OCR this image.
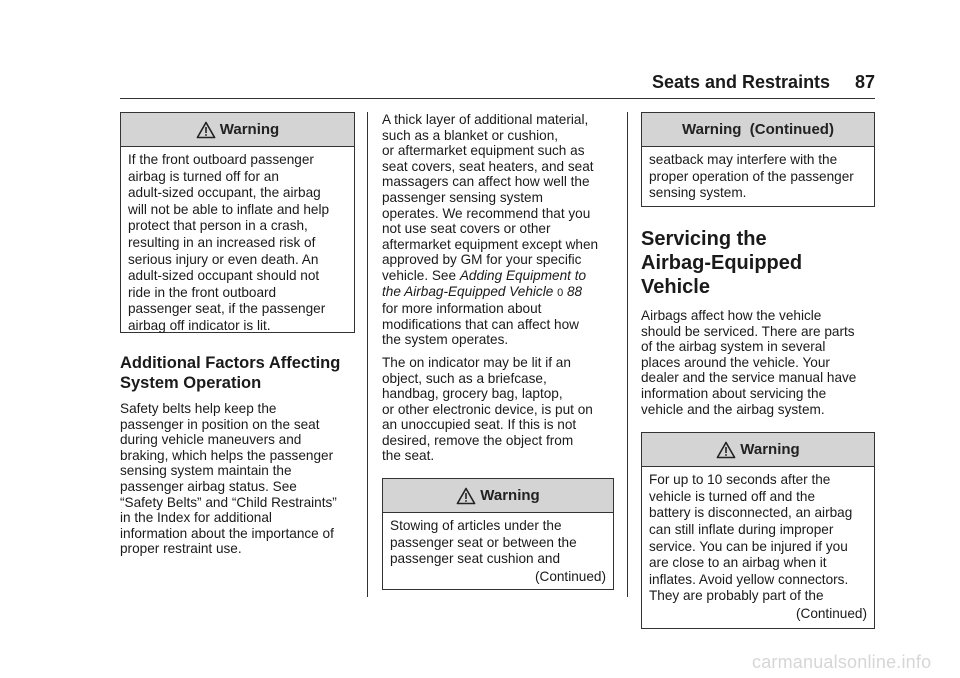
Seats and Restraints 87
Warning
If the front outboard passenger
airbag is turned off for an
adult-sized occupant, the airbag
will not be able to inflate and help
protect that person in a crash,
resulting in an increased risk of
serious injury or even death. An
adult-sized occupant should not
ride in the front outboard
passenger seat, if the passenger
airbag off indicator is lit.

Additional Factors Affecting
System Operation

Safety belts help keep the
passenger in position on the seat
during vehicle maneuvers and
braking, which helps the passenger
sensing system maintain the
passenger airbag status. See
“Safety Belts” and “Child Restraints”
in the Index for additional
information about the importance of
proper restraint use.

A thick layer of additional material,
such as a blanket or cushion,
or aftermarket equipment such as
seat covers, seat heaters, and seat
massagers can affect how well the
passenger sensing system
operates. We recommend that you
not use seat covers or other
aftermarket equipment except when
approved by GM for your specific
vehicle. See Adding Equipment to
the Airbag-Equipped Vehicle 0 88
for more information about
modifications that can affect how
the system operates.

The on indicator may be lit if an
object, such as a briefcase,
handbag, grocery bag, laptop,
or other electronic device, is put on
an unoccupied seat. If this is not
desired, remove the object from
the seat.

Warning
Stowing of articles under the
passenger seat or between the
passenger seat cushion and
(Continued)
Warning  (Continued)
seatback may interfere with the
proper operation of the passenger
sensing system.

Servicing the
Airbag-Equipped Vehicle

Airbags affect how the vehicle
should be serviced. There are parts
of the airbag system in several
places around the vehicle. Your
dealer and the service manual have
information about servicing the
vehicle and the airbag system.

Warning
For up to 10 seconds after the
vehicle is turned off and the
battery is disconnected, an airbag
can still inflate during improper
service. You can be injured if you
are close to an airbag when it
inflates. Avoid yellow connectors.
They are probably part of the
(Continued)
carmanualsonline.info
